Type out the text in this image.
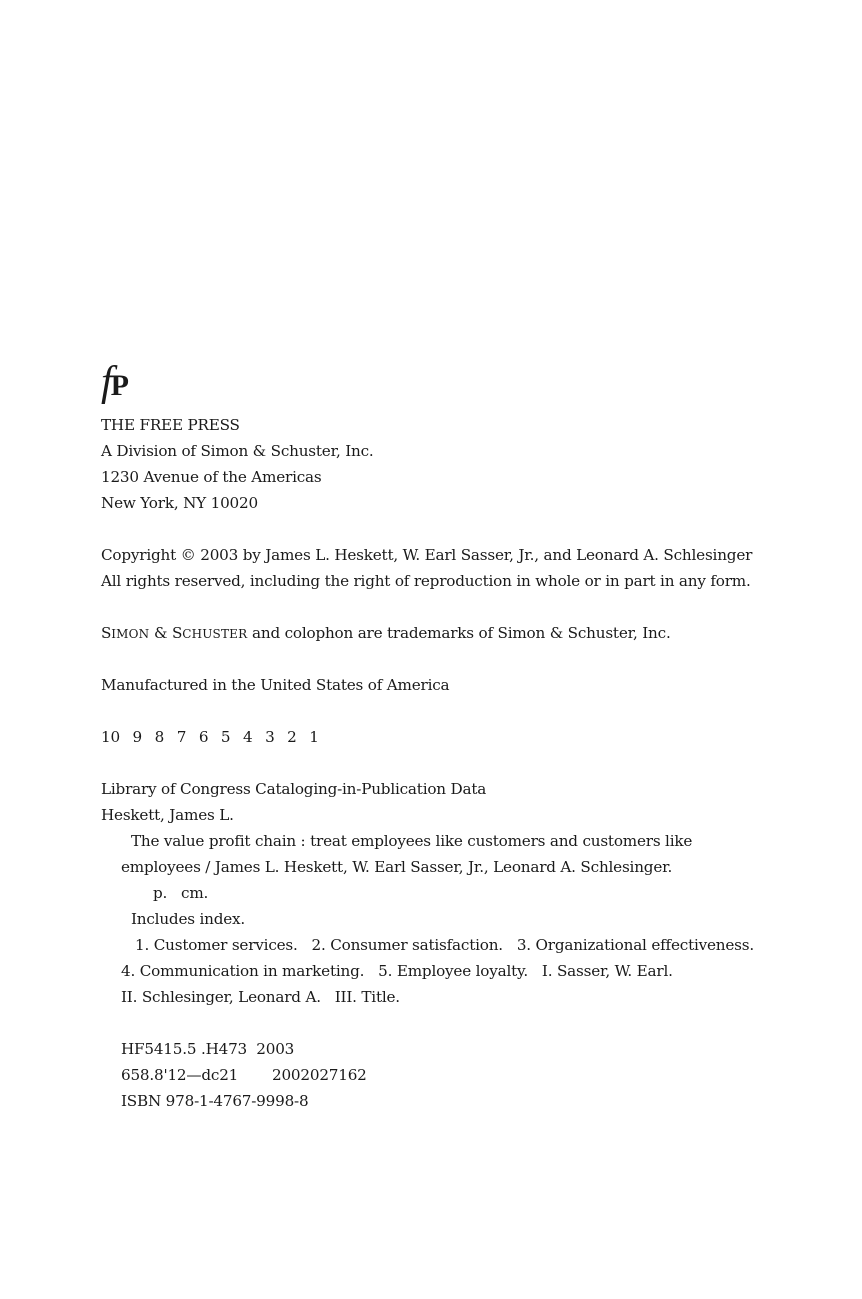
fP
THE FREE PRESS
A Division of Simon & Schuster, Inc.
1230 Avenue of the Americas
New York, NY 10020
Copyright © 2003 by James L. Heskett, W. Earl Sasser, Jr., and Leonard A. Schlesinger
All rights reserved, including the right of reproduction in whole or in part in any form.
SIMON & SCHUSTER and colophon are trademarks of Simon & Schuster, Inc.
Manufactured in the United States of America
10 9 8 7 6 5 4 3 2 1
Library of Congress Cataloging-in-Publication Data
Heskett, James L.
The value profit chain : treat employees like customers and customers like
employees / James L. Heskett, W. Earl Sasser, Jr., Leonard A. Schlesinger.
p. cm.
Includes index.
1. Customer services.   2. Consumer satisfaction.   3. Organizational effectiveness.
4. Communication in marketing.   5. Employee loyalty.   I. Sasser, W. Earl.
II. Schlesinger, Leonard A.   III. Title.
HF5415.5 .H473 2003
658.8'12—dc21 2002027162
ISBN 978-1-4767-9998-8
